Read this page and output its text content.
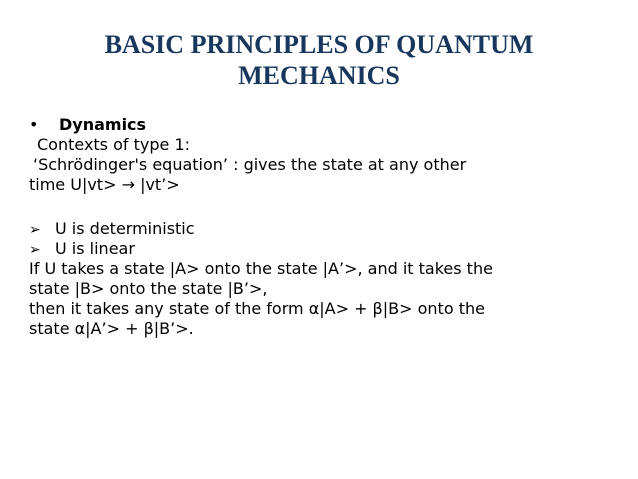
BASIC PRINCIPLES OF QUANTUM
MECHANICS
• Dynamics
Contexts of type 1:
‘Schrödinger's equation’ : gives the state at any other
time U|vt> → |vt’>
➢ U is deterministic
➢ U is linear
If U takes a state |A> onto the state |A’>, and it takes the
state |B> onto the state |B’>,
then it takes any state of the form α|A> + β|B> onto the
state α|A’> + β|B’>.
